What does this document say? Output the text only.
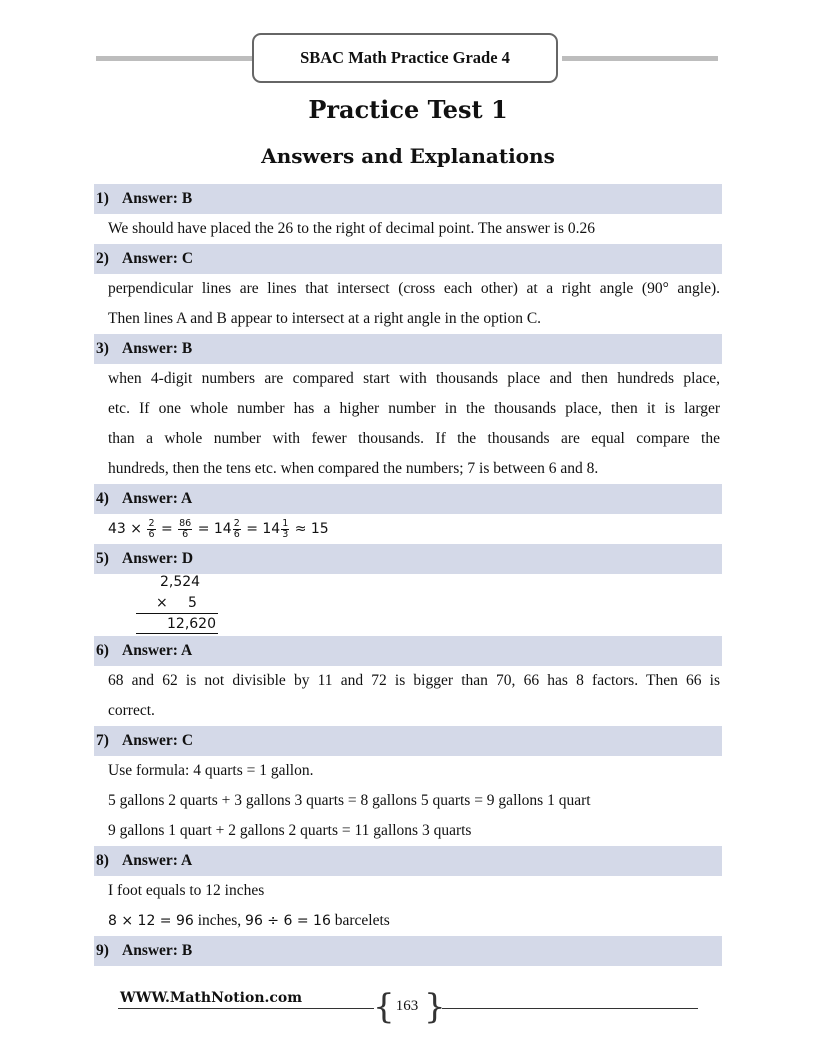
SBAC Math Practice Grade 4
Practice Test 1
Answers and Explanations
1) Answer: B
We should have placed the 26 to the right of decimal point. The answer is 0.26
2) Answer: C
perpendicular lines are lines that intersect (cross each other) at a right angle (90° angle).
Then lines A and B appear to intersect at a right angle in the option C.
3) Answer: B
when 4-digit numbers are compared start with thousands place and then hundreds place,
etc. If one whole number has a higher number in the thousands place, then it is larger
than a whole number with fewer thousands. If the thousands are equal compare the
hundreds, then the tens etc. when compared the numbers; 7 is between 6 and 8.
4) Answer: A
$43 \times \frac{2}{6} = \frac{86}{6} = 14 \frac{2}{6} = 14 \frac{1}{3} \approx 15$
5) Answer: D
2,524
× 5
12,620
6) Answer: A
68 and 62 is not divisible by 11 and 72 is bigger than 70, 66 has 8 factors. Then 66 is
correct.
7) Answer: C
Use formula: 4 quarts = 1 gallon.
5 gallons 2 quarts + 3 gallons 3 quarts = 8 gallons 5 quarts = 9 gallons 1 quart
9 gallons 1 quart + 2 gallons 2 quarts = 11 gallons 3 quarts
8) Answer: A
I foot equals to 12 inches
8 × 12 = 96 inches, 96 ÷ 6 = 16 barcelets
9) Answer: B
WWW.MathNotion.com { }
163
